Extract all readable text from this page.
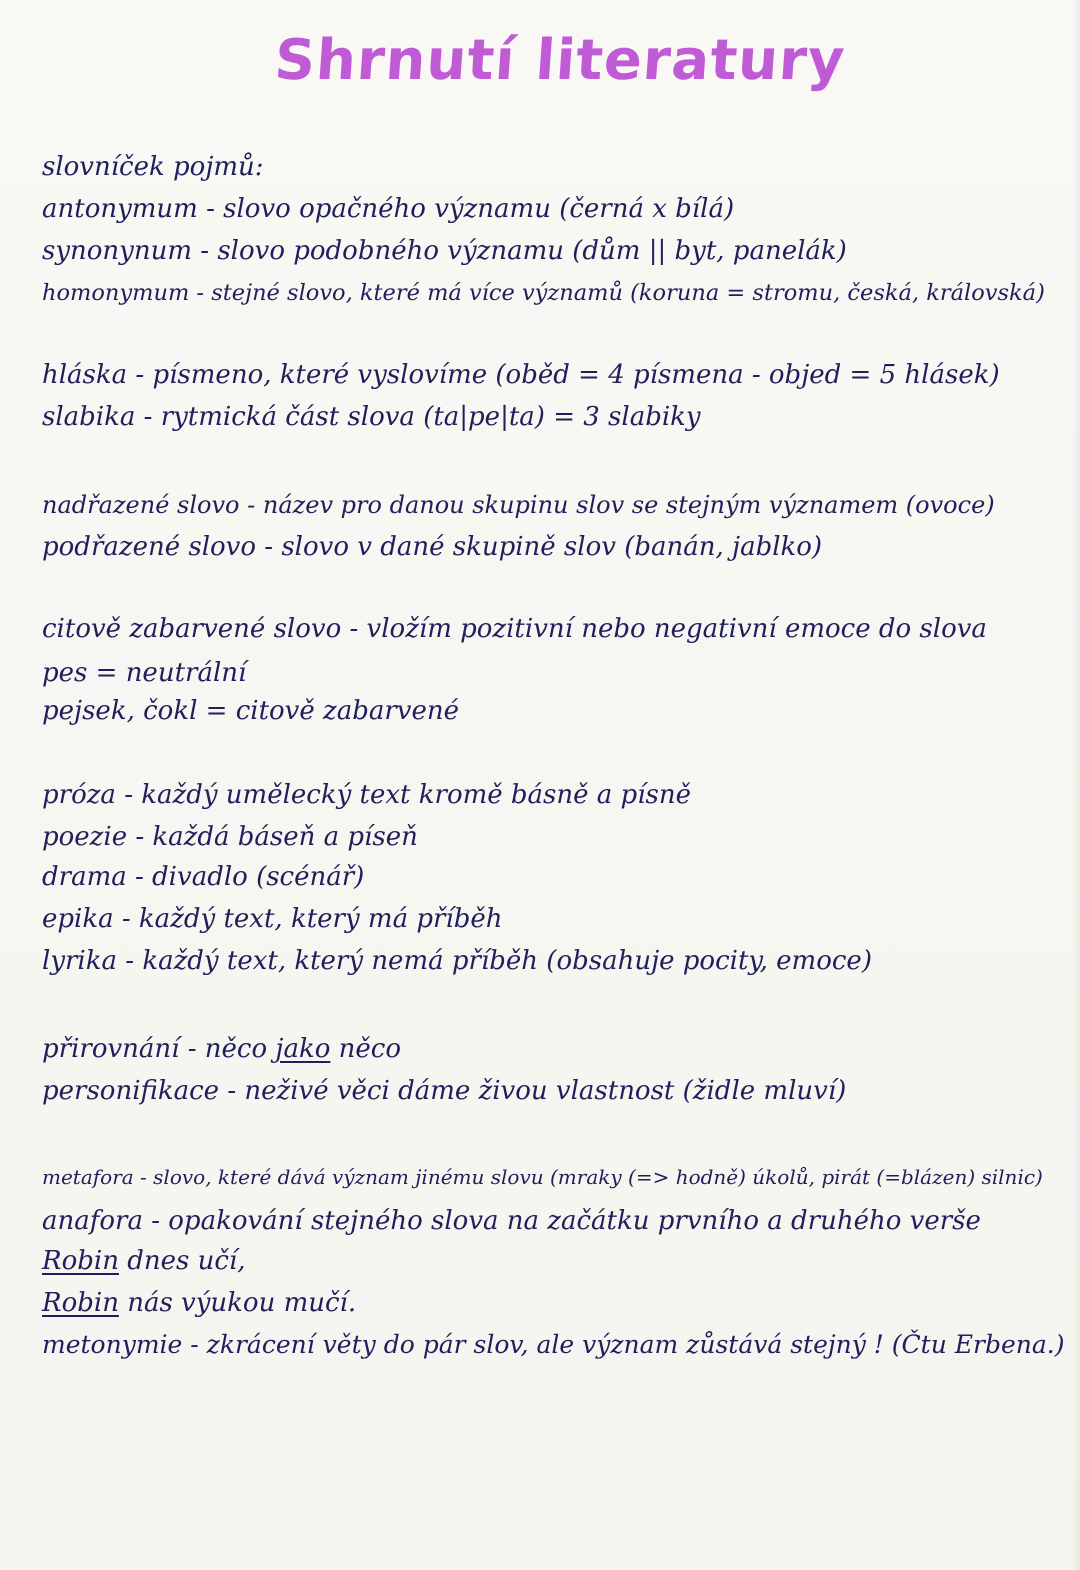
Shrnutí literatury
slovníček pojmů:
antonymum - slovo opačného významu (černá x bílá)
synonynum - slovo podobného významu (dům || byt, panelák)
homonymum - stejné slovo, které má více významů (koruna = stromu, česká, královská)
hláska - písmeno, které vyslovíme (oběd = 4 písmena - objed = 5 hlásek)
slabika - rytmická část slova (ta|pe|ta) = 3 slabiky
nadřazené slovo - název pro danou skupinu slov se stejným významem (ovoce)
podřazené slovo - slovo v dané skupině slov (banán, jablko)
citově zabarvené slovo - vložím pozitivní nebo negativní emoce do slova
pes = neutrální
pejsek, čokl = citově zabarvené
próza - každý umělecký text kromě básně a písně
poezie - každá báseň a píseň
drama - divadlo (scénář)
epika - každý text, který má příběh
lyrika - každý text, který nemá příběh (obsahuje pocity, emoce)
přirovnání - něco jako něco
personifikace - neživé věci dáme živou vlastnost (židle mluví)
metafora - slovo, které dává význam jinému slovu (mraky (=> hodně) úkolů, pirát (=blázen) silnic)
anafora - opakování stejného slova na začátku prvního a druhého verše
Robin dnes učí,
Robin nás výukou mučí.
metonymie - zkrácení věty do pár slov, ale význam zůstává stejný ! (Čtu Erbena.)
